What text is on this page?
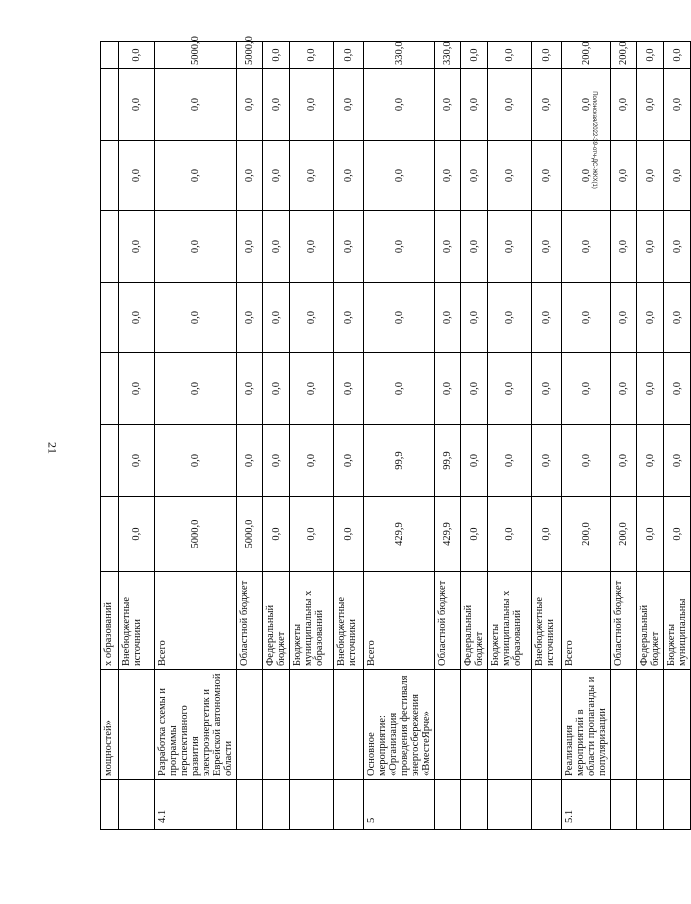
21
Полонская/2022-39-отч-ДС-ЖКХ(1)
	мощностей»	х образований								
		Внебюджетные источники	0,0	0,0	0,0	0,0	0,0	0,0	0,0	0,0
4.1	Разработка схемы и программы перспективного развития электроэнергетик и Еврейской автономной области	Всего	5000,0	0,0	0,0	0,0	0,0	0,0	0,0	5000,0
		Областной бюджет	5000,0	0,0	0,0	0,0	0,0	0,0	0,0	5000,0
		Федеральный бюджет	0,0	0,0	0,0	0,0	0,0	0,0	0,0	0,0
		Бюджеты муниципальны х образований	0,0	0,0	0,0	0,0	0,0	0,0	0,0	0,0
		Внебюджетные источники	0,0	0,0	0,0	0,0	0,0	0,0	0,0	0,0
5	Основное мероприятие: «Организация проведения фестиваля энергосбережения «ВместеЯрче»	Всего	429,9	99,9	0,0	0,0	0,0	0,0	0,0	330,0
		Областной бюджет	429,9	99,9	0,0	0,0	0,0	0,0	0,0	330,0
		Федеральный бюджет	0,0	0,0	0,0	0,0	0,0	0,0	0,0	0,0
		Бюджеты муниципальны х образований	0,0	0,0	0,0	0,0	0,0	0,0	0,0	0,0
		Внебюджетные источники	0,0	0,0	0,0	0,0	0,0	0,0	0,0	0,0
5.1	Реализация мероприятий в области пропаганды и популяризации	Всего	200,0	0,0	0,0	0,0	0,0	0,0	0,0	200,0
		Областной бюджет	200,0	0,0	0,0	0,0	0,0	0,0	0,0	200,0
		Федеральный бюджет	0,0	0,0	0,0	0,0	0,0	0,0	0,0	0,0
		Бюджеты муниципальны	0,0	0,0	0,0	0,0	0,0	0,0	0,0	0,0
